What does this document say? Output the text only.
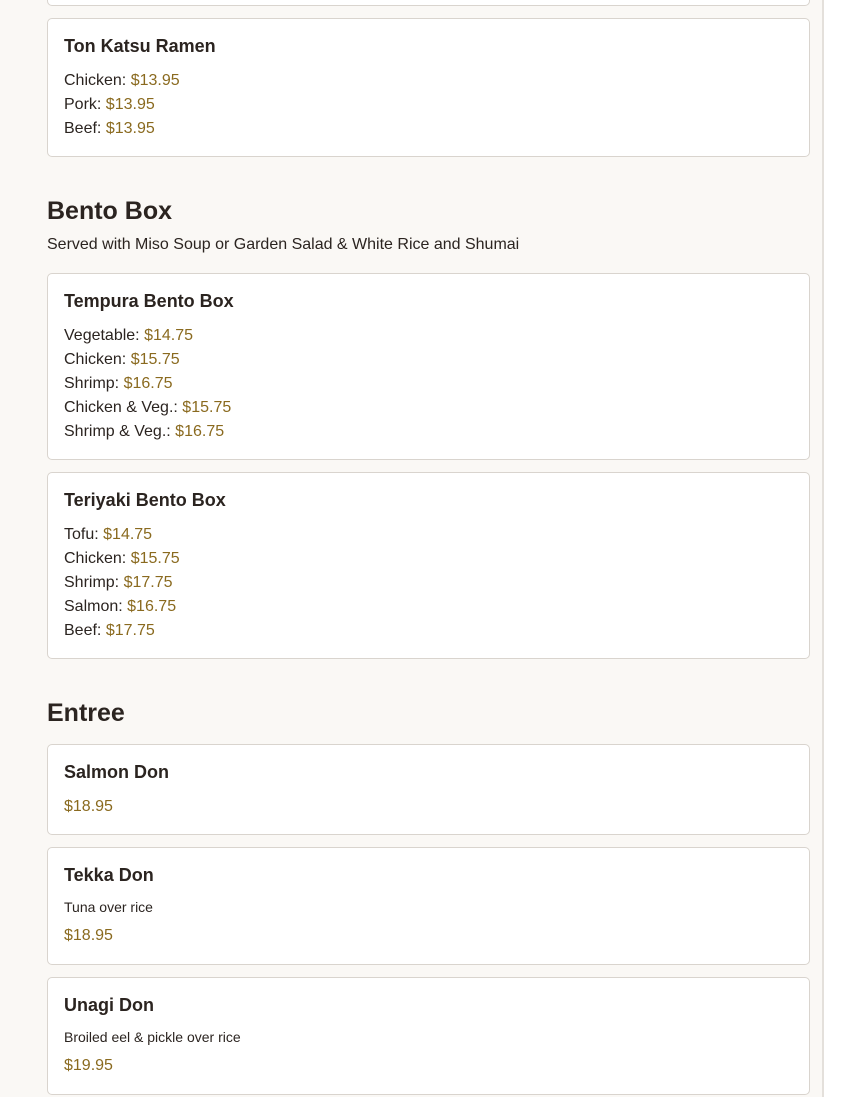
Ton Katsu Ramen
Chicken: $13.95
Pork: $13.95
Beef: $13.95
Bento Box
Served with Miso Soup or Garden Salad & White Rice and Shumai
Tempura Bento Box
Vegetable: $14.75
Chicken: $15.75
Shrimp: $16.75
Chicken & Veg.: $15.75
Shrimp & Veg.: $16.75
Teriyaki Bento Box
Tofu: $14.75
Chicken: $15.75
Shrimp: $17.75
Salmon: $16.75
Beef: $17.75
Entree
Salmon Don
$18.95
Tekka Don
Tuna over rice
$18.95
Unagi Don
Broiled eel & pickle over rice
$19.95
